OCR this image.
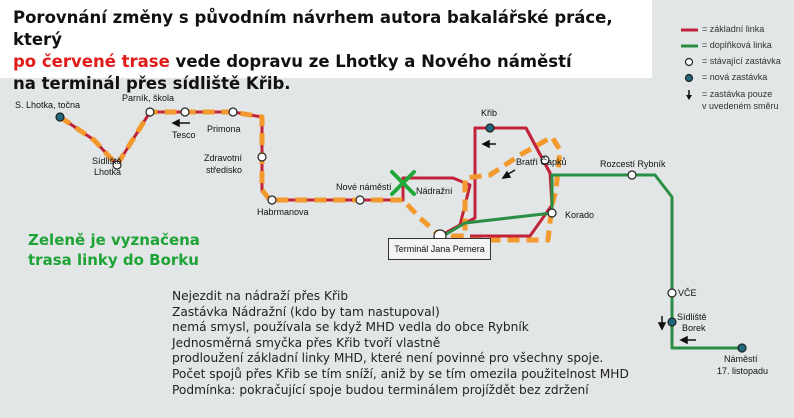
S. Lhotka, točna
Parník, škola
Sídliště
Lhotka
Tesco
Primona
Zdravotní
středisko
Habrmanova
Nové náměstí	Nádražní
Křib
Bratří Čapků
Korado
Rozcestí Rybník
VČE
Sídliště
Borek
Náměstí
17. listopadu
Porovnání změny s původním návrhem autora bakalářské práce, který
po červené trase vede dopravu ze Lhotky a Nového náměstí
na terminál přes sídliště Křib.
Terminál Jana Pernera
= základní linka
= doplňková linka
= stávající zastávka
= nová zastávka
= zastávka pouze
v uvedeném směru
Zeleně je vyznačena
trasa linky do Borku
Nejezdit na nádraží přes Křib
Zastávka Nádražní (kdo by tam nastupoval)
nemá smysl, používala se když MHD vedla do obce Rybník
Jednosměrná smyčka přes Křib tvoří vlastně
prodloužení základní linky MHD, které není povinné pro všechny spoje.
Počet spojů přes Křib se tím sníží, aniž by se tím omezila použitelnost MHD
Podmínka: pokračující spoje budou terminálem projíždět bez zdržení
